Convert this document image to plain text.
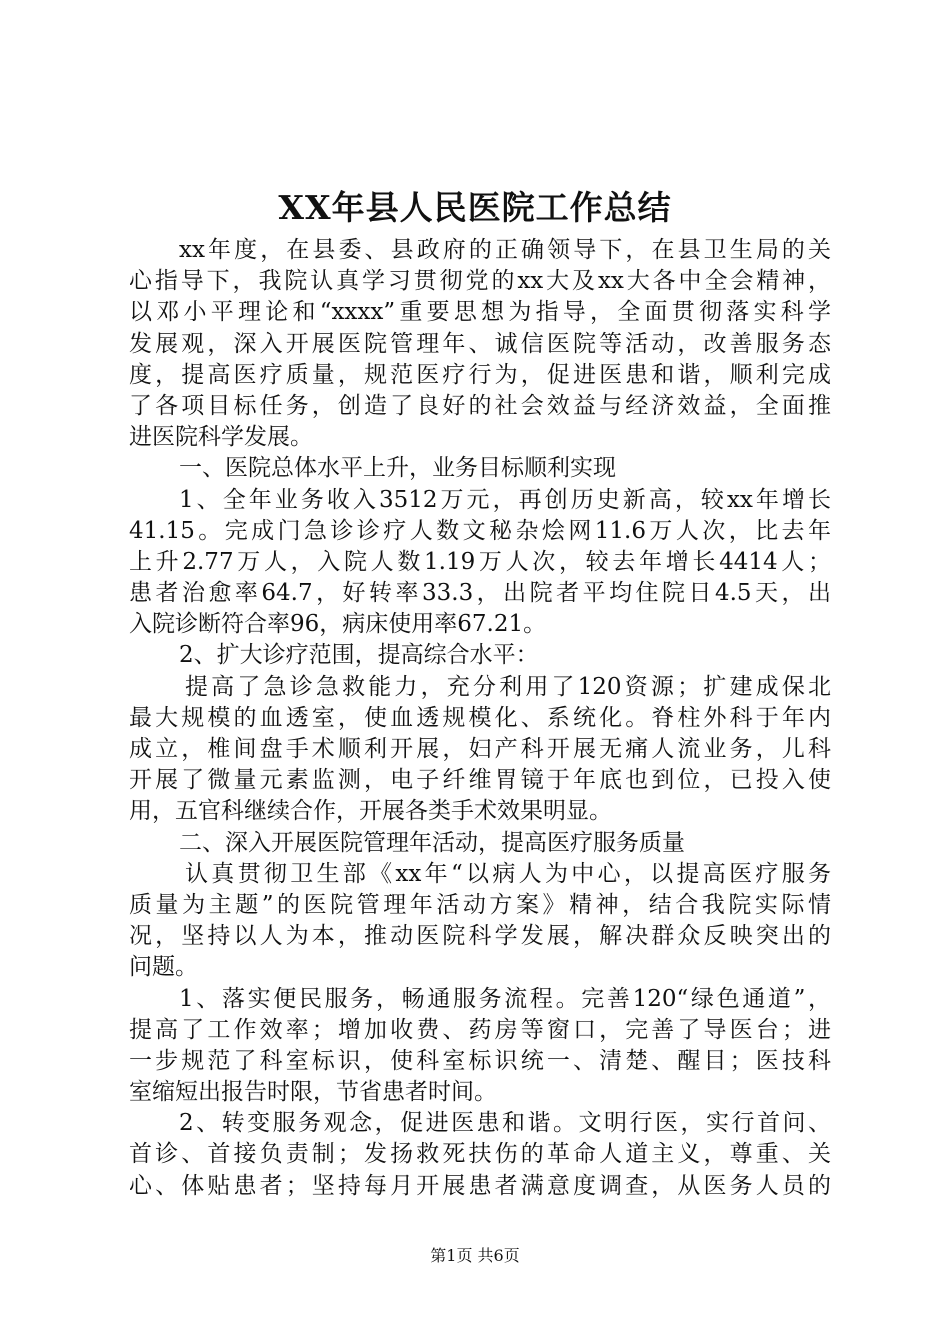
XX年县人民医院工作总结
xx年度，在县委、县政府的正确领导下，在县卫生局的关
心指导下，我院认真学习贯彻党的xx大及xx大各中全会精神，
以邓小平理论和“xxxx”重要思想为指导，全面贯彻落实科学
发展观，深入开展医院管理年、诚信医院等活动，改善服务态
度，提高医疗质量，规范医疗行为，促进医患和谐，顺利完成
了各项目标任务，创造了良好的社会效益与经济效益，全面推
进医院科学发展。
一、医院总体水平上升，业务目标顺利实现
1、全年业务收入3512万元，再创历史新高，较xx年增长
41.15。完成门急诊诊疗人数文秘杂烩网11.6万人次，比去年
上升2.77万人，入院人数1.19万人次，较去年增长4414人；
患者治愈率64.7，好转率33.3，出院者平均住院日4.5天，出
入院诊断符合率96，病床使用率67.21。
2、扩大诊疗范围，提高综合水平：
提高了急诊急救能力，充分利用了120资源；扩建成保北
最大规模的血透室，使血透规模化、系统化。脊柱外科于年内
成立，椎间盘手术顺利开展，妇产科开展无痛人流业务，儿科
开展了微量元素监测，电子纤维胃镜于年底也到位，已投入使
用，五官科继续合作，开展各类手术效果明显。
二、深入开展医院管理年活动，提高医疗服务质量
认真贯彻卫生部《xx年“以病人为中心，以提高医疗服务
质量为主题”的医院管理年活动方案》精神，结合我院实际情
况，坚持以人为本，推动医院科学发展，解决群众反映突出的
问题。
1、落实便民服务，畅通服务流程。完善120“绿色通道”，
提高了工作效率；增加收费、药房等窗口，完善了导医台；进
一步规范了科室标识，使科室标识统一、清楚、醒目；医技科
室缩短出报告时限，节省患者时间。
2、转变服务观念，促进医患和谐。文明行医，实行首问、
首诊、首接负责制；发扬救死扶伤的革命人道主义，尊重、关
心、体贴患者；坚持每月开展患者满意度调查，从医务人员的
第1页 共6页
